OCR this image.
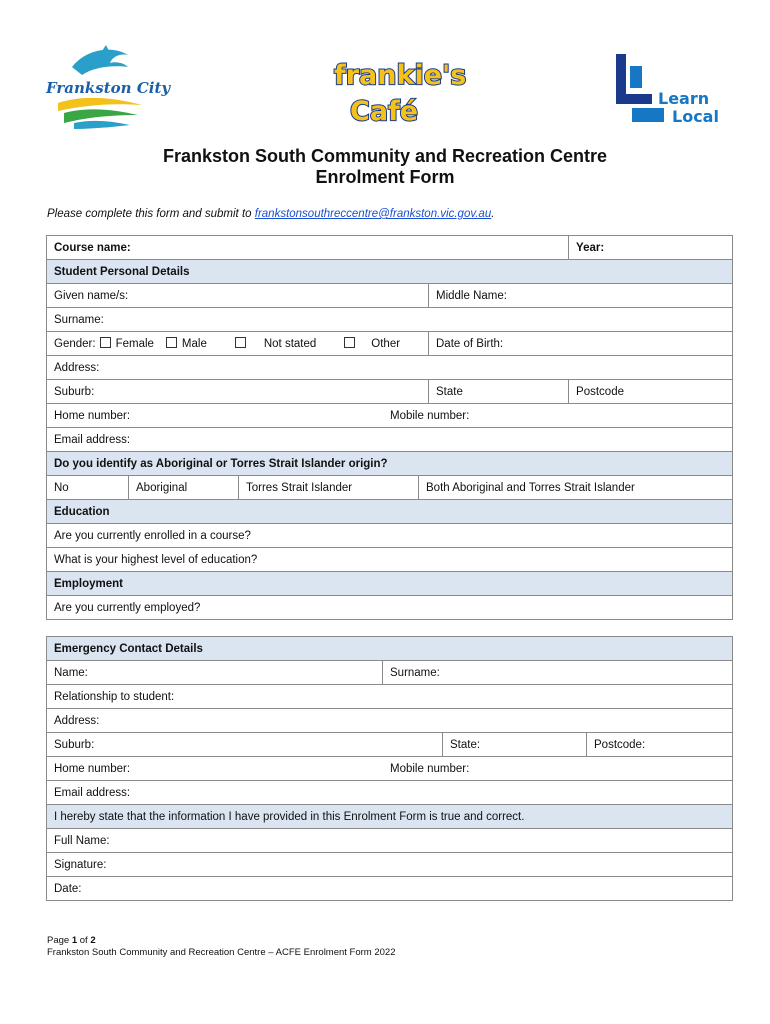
Frankston City	frankie's
Café	Learn
Local
Frankston South Community and Recreation Centre
Enrolment Form

Please complete this form and submit to frankstonsouthreccentre@frankston.vic.gov.au.

Course name:					Year:
Student Personal Details					
Given name/s:				Middle Name:	
Surname:					
Gender: Female Male Not stated Other				Date of Birth:	
Address:					
Suburb:				State	Postcode
Home number: Mobile number:					
Email address:					
Do you identify as Aboriginal or Torres Strait Islander origin?					
No	Aboriginal	Torres Strait Islander	Both Aboriginal and Torres Strait Islander		
Education					
Are you currently enrolled in a course?					
What is your highest level of education?					
Employment					
Are you currently employed?					
Emergency Contact Details			
Name:	Surname:		
Relationship to student:			
Address:			
Suburb:		State:	Postcode:
Home number: Mobile number:			
Email address:			
I hereby state that the information I have provided in this Enrolment Form is true and correct.			
Full Name:			
Signature:			
Date:			
Page 1 of 2
Frankston South Community and Recreation Centre – ACFE Enrolment Form 2022
